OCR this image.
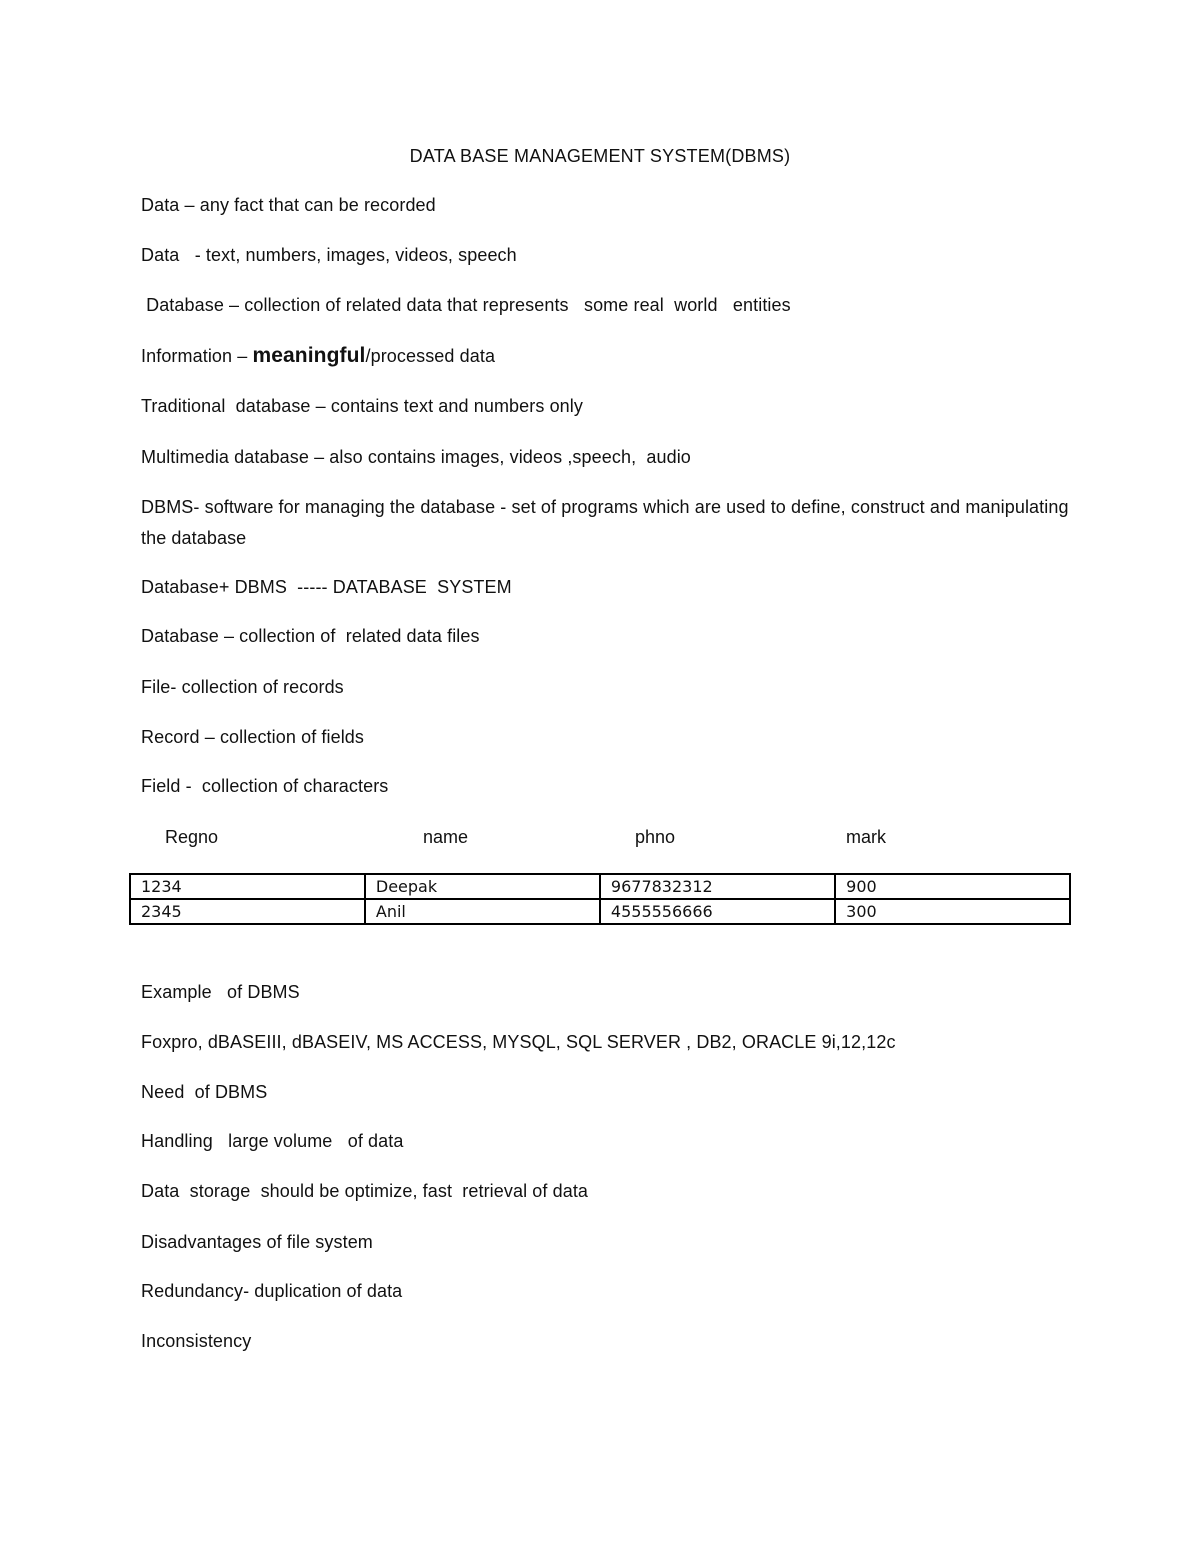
DATA BASE MANAGEMENT SYSTEM(DBMS)
Data – any fact that can be recorded
Data   - text, numbers, images, videos, speech
Database – collection of related data that represents   some real  world   entities
Information – meaningful/processed data
Traditional  database – contains text and numbers only
Multimedia database – also contains images, videos ,speech,  audio
DBMS- software for managing the database - set of programs which are used to define, construct and manipulating the database
Database+ DBMS  ----- DATABASE  SYSTEM
Database – collection of  related data files
File- collection of records
Record – collection of fields
Field -  collection of characters
Regno	name	phno	mark
1234	Deepak	9677832312	900
2345	Anil	4555556666	300
Example   of DBMS
Foxpro, dBASEIII, dBASEIV, MS ACCESS, MYSQL, SQL SERVER , DB2, ORACLE 9i,12,12c
Need  of DBMS
Handling   large volume   of data
Data  storage  should be optimize, fast  retrieval of data
Disadvantages of file system
Redundancy- duplication of data
Inconsistency
